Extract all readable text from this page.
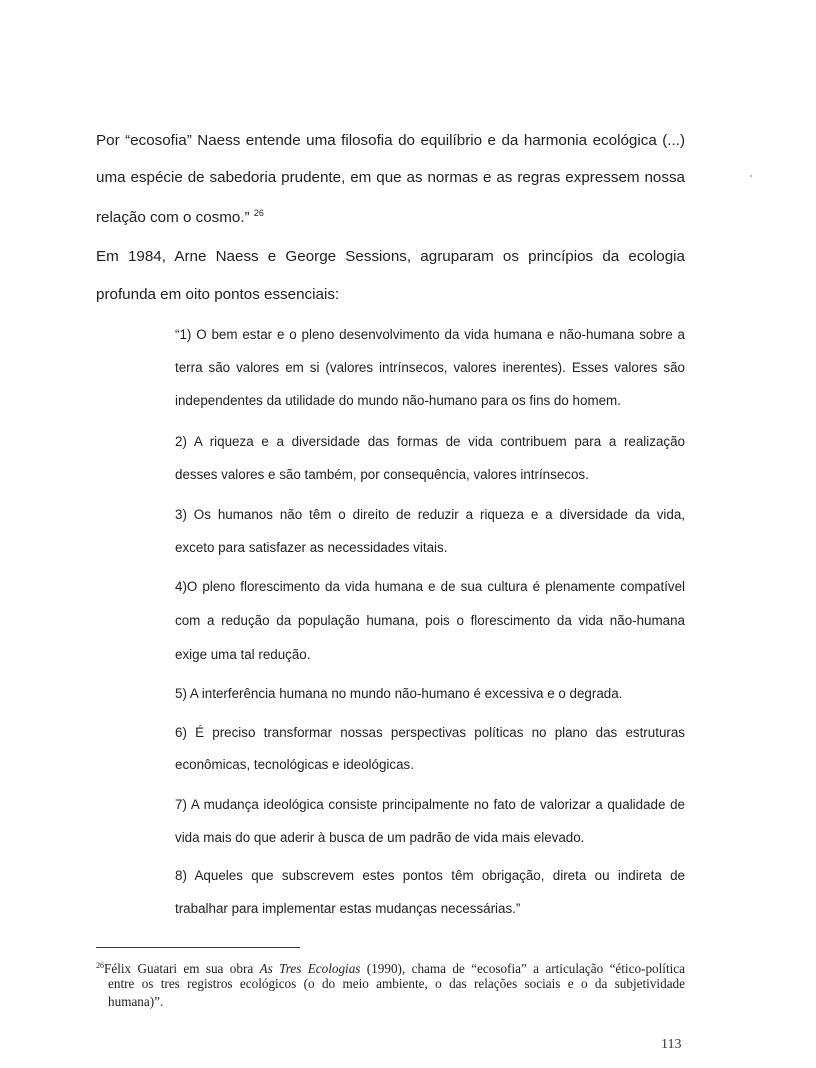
Por “ecosofia” Naess entende uma filosofia do equilíbrio e da harmonia ecológica (...)
uma espécie de sabedoria prudente, em que as normas e as regras expressem nossa
relação com o cosmo.” $^{26}$
Em 1984, Arne Naess e George Sessions, agruparam os princípios da ecologia
profunda em oito pontos essenciais:
“1) O bem estar e o pleno desenvolvimento da vida humana e não-humana sobre a
terra são valores em si (valores intrínsecos, valores inerentes). Esses valores são
independentes da utilidade do mundo não-humano para os fins do homem.
2) A riqueza e a diversidade das formas de vida contribuem para a realização
desses valores e são também, por consequência, valores intrínsecos.
3) Os humanos não têm o direito de reduzir a riqueza e a diversidade da vida,
exceto para satisfazer as necessidades vitais.
4)O pleno florescimento da vida humana e de sua cultura é plenamente compatível
com a redução da população humana, pois o florescimento da vida não-humana
exige uma tal redução.
5) A interferência humana no mundo não-humano é excessiva e o degrada.
6) É preciso transformar nossas perspectivas políticas no plano das estruturas
econômicas, tecnológicas e ideológicas.
7) A mudança ideológica consiste principalmente no fato de valorizar a qualidade de
vida mais do que aderir à busca de um padrão de vida mais elevado.
8) Aqueles que subscrevem estes pontos têm obrigação, direta ou indireta de
trabalhar para implementar estas mudanças necessárias.”
$^{26}$Félix Guatari em sua obra As Tres Ecologias (1990), chama de “ecosofia” a articulação “ético-política
entre os tres registros ecológicos (o do meio ambiente, o das relações sociais e o da subjetividade
humana)”.
113
